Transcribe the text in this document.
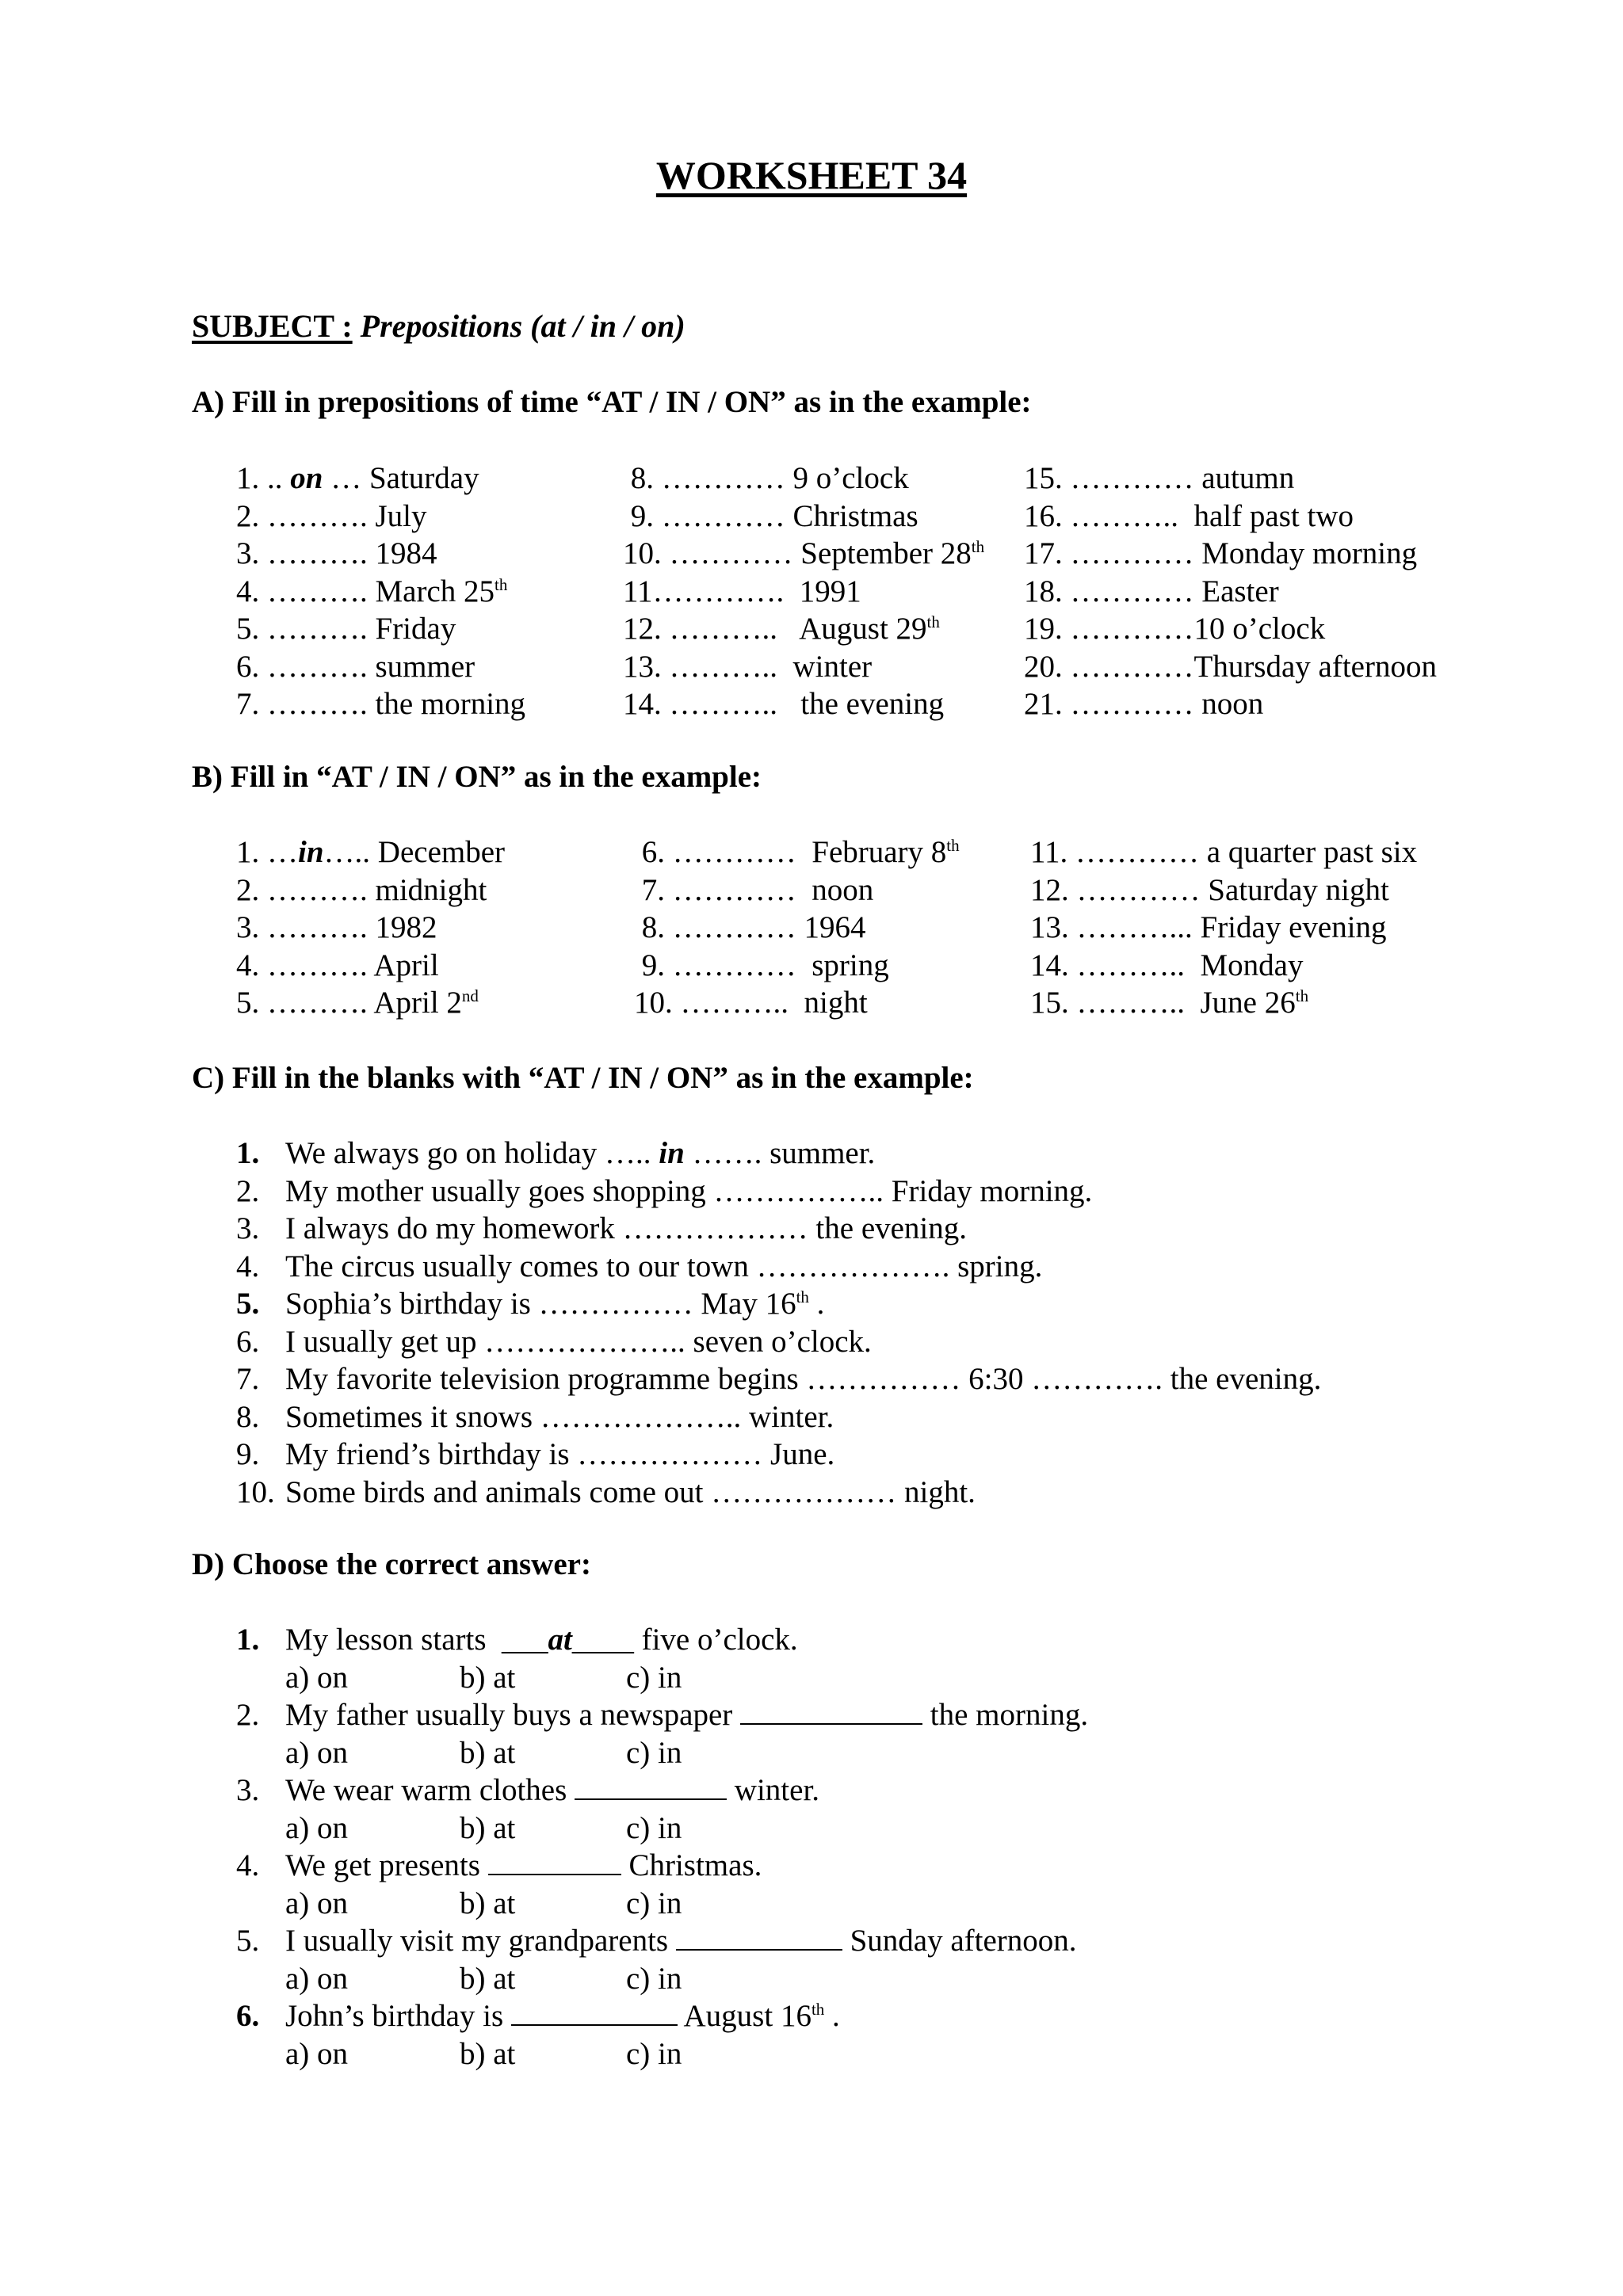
WORKSHEET 34
SUBJECT : Prepositions (at / in / on)

A) Fill in prepositions of time “AT / IN / ON” as in the example:

1. .. on … Saturday
2. ………. July
3. ………. 1984
4. ………. March 25th
5. ………. Friday
6. ………. summer
7. ………. the morning
8. ………… 9 o’clock
9. ………… Christmas
10. ………… September 28th
11………….  1991
12. ………..   August 29th
13. ………..  winter
14. ………..   the evening
15. ………… autumn
16. ………..  half past two
17. ………… Monday morning
18. ………… Easter
19. …………10 o’clock
20. …………Thursday afternoon
21. ………… noon

B) Fill in “AT / IN / ON” as in the example:

1. …in….. December
2. ………. midnight
3. ………. 1982
4. ………. April
5. ………. April 2nd
6. …………  February 8th
7. …………  noon
8. ………… 1964
9. …………  spring
10. ………..  night
11. ………… a quarter past six
12. ………… Saturday night
13. ………... Friday evening
14. ………..  Monday
15. ………..  June 26th

C) Fill in the blanks with “AT / IN / ON” as in the example:

1. We always go on holiday ….. in ……. summer.
2. My mother usually goes shopping …………….. Friday morning.
3. I always do my homework ……………… the evening.
4. The circus usually comes to our town ………………. spring.
5. Sophia’s birthday is …………… May 16th .
6. I usually get up ……………….. seven o’clock.
7. My favorite television programme begins …………… 6:30 …………. the evening.
8. Sometimes it snows ……………….. winter.
9. My friend’s birthday is ……………… June.
10. Some birds and animals come out ……………… night.

D) Choose the correct answer:

1. My lesson starts  ___at____ five o’clock.
a) on	b) at	c) in
2. My father usually buys a newspaper	the morning.
a) on	b) at	c) in
3. We wear warm clothes	winter.
a) on	b) at	c) in
4. We get presents	Christmas.
a) on	b) at	c) in
5. I usually visit my grandparents	Sunday afternoon.
a) on	b) at	c) in
6. John’s birthday is	August 16th .
a) on	b) at	c) in
